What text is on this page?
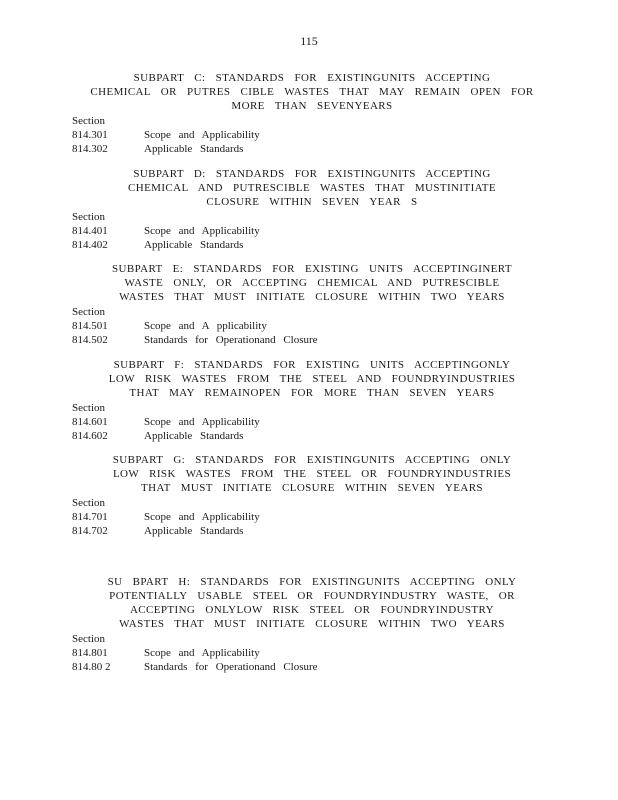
115
SUBPART C: STANDARDS FOR EXISTINGUNITS ACCEPTING
CHEMICAL OR PUTRES CIBLE WASTES THAT MAY REMAIN OPEN FOR
MORE THAN SEVENYEARS
Section
814.301	Scope and Applicability
814.302	Applicable Standards
SUBPART D: STANDARDS FOR EXISTINGUNITS ACCEPTING
CHEMICAL AND PUTRESCIBLE WASTES THAT MUSTINITIATE
CLOSURE WITHIN SEVEN YEAR S
Section
814.401	Scope and Applicability
814.402	Applicable Standards
SUBPART E: STANDARDS FOR EXISTING UNITS ACCEPTINGINERT
WASTE ONLY, OR ACCEPTING CHEMICAL AND PUTRESCIBLE
WASTES THAT MUST INITIATE CLOSURE WITHIN TWO YEARS
Section
814.501	Scope and A pplicability
814.502	Standards for Operationand Closure
SUBPART F: STANDARDS FOR EXISTING UNITS ACCEPTINGONLY
LOW RISK WASTES FROM THE STEEL AND FOUNDRYINDUSTRIES
THAT MAY REMAINOPEN FOR MORE THAN SEVEN YEARS
Section
814.601	Scope and Applicability
814.602	Applicable Standards
SUBPART G: STANDARDS FOR EXISTINGUNITS ACCEPTING ONLY
LOW RISK WASTES FROM THE STEEL OR FOUNDRYINDUSTRIES
THAT MUST INITIATE CLOSURE WITHIN SEVEN YEARS
Section
814.701	Scope and Applicability
814.702	Applicable Standards
SU BPART H: STANDARDS FOR EXISTINGUNITS ACCEPTING ONLY
POTENTIALLY USABLE STEEL OR FOUNDRYINDUSTRY WASTE, OR
ACCEPTING ONLYLOW RISK STEEL OR FOUNDRYINDUSTRY
WASTES THAT MUST INITIATE CLOSURE WITHIN TWO YEARS
Section
814.801	Scope and Applicability
814.80 2	Standards for Operationand Closure
